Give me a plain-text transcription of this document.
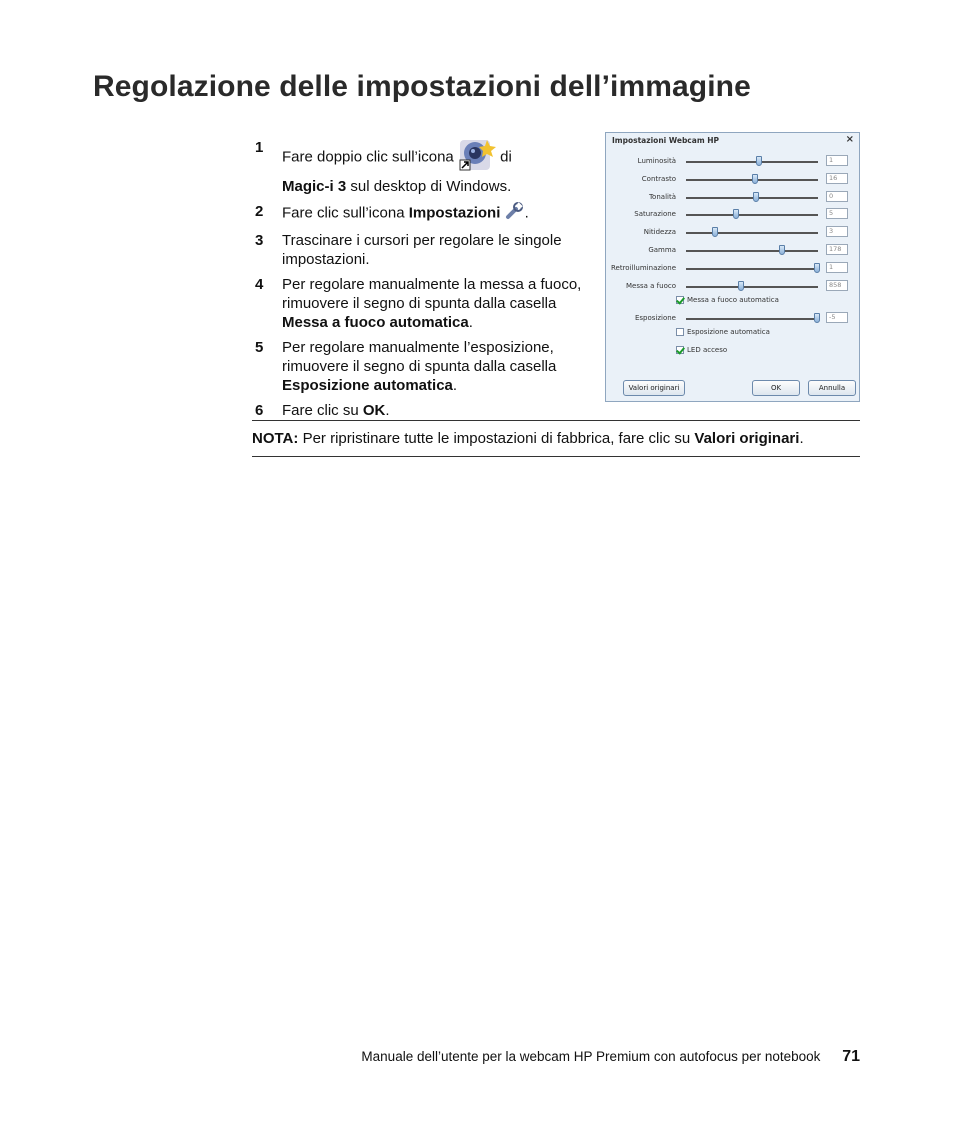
Regolazione delle impostazioni dell’immagine
1
Fare doppio clic sull’icona	di
Magic-i 3 sul desktop di Windows.
2 Fare clic sull’icona Impostazioni .
3 Trascinare i cursori per regolare le singole impostazioni.
4 Per regolare manualmente la messa a fuoco, rimuovere il segno di spunta dalla casella
Messa a fuoco automatica.
5 Per regolare manualmente l’esposizione, rimuovere il segno di spunta dalla casella
Esposizione automatica.
6 Fare clic su OK.
Impostazioni Webcam HP	×
Luminosità	1
Contrasto	16
Tonalità	0
Saturazione	5
Nitidezza	3
Gamma	178
Retroilluminazione	1
Messa a fuoco	858
Messa a fuoco automatica
Esposizione	-5
Esposizione automatica
LED acceso
Valori originari	OK	Annulla
NOTA: Per ripristinare tutte le impostazioni di fabbrica, fare clic su Valori originari.
Manuale dell’utente per la webcam HP Premium con autofocus per notebook 71
